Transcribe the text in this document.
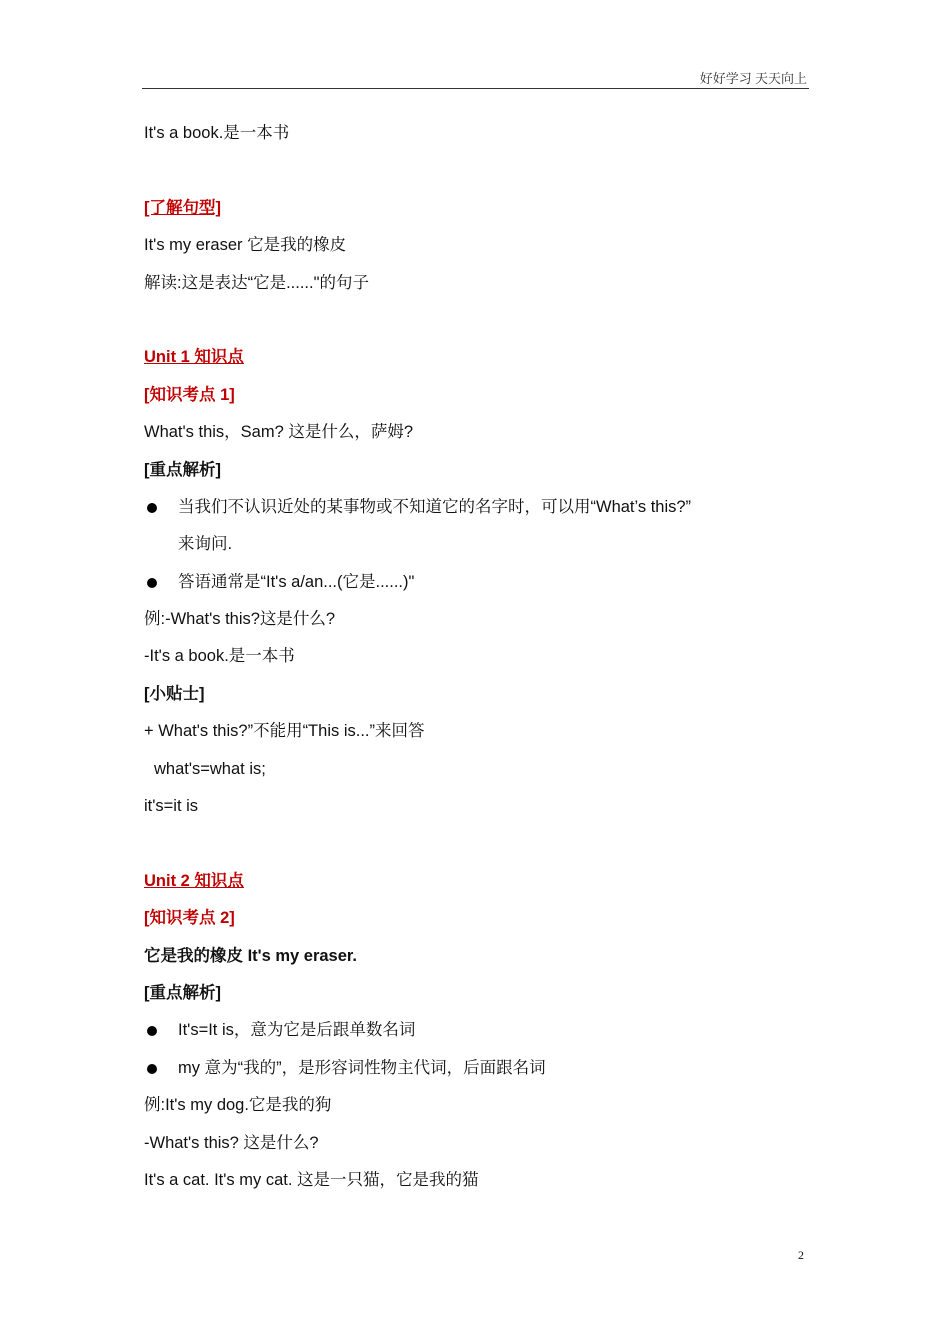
好好学习 天天向上
It's a book.是一本书
[了解句型]
It's my eraser 它是我的橡皮
解读:这是表达“它是......"的句子
Unit 1 知识点
[知识考点 1]
What's this，Sam? 这是什么，萨姆?
[重点解析]
当我们不认识近处的某事物或不知道它的名字时，可以用“What’s this?”
来询问.
答语通常是“It's a/an...(它是......)"
例:-What's this?这是什么?
-It's a book.是一本书
[小贴士]
+ What's this?”不能用“This is...”来回答
what's=what is;
it's=it is
Unit 2 知识点
[知识考点 2]
它是我的橡皮 It's my eraser.
[重点解析]
It's=It is，意为它是后跟单数名词
my 意为“我的”，是形容词性物主代词，后面跟名词
例:It's my dog.它是我的狗
-What's this? 这是什么?
It's a cat. It's my cat. 这是一只猫，它是我的猫
2
